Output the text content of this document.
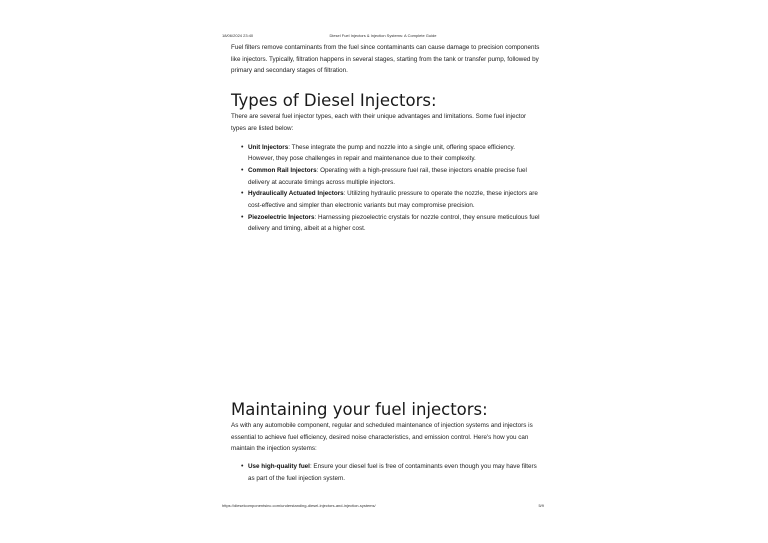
18/06/2024 23:40	Diesel Fuel Injectors & Injection Systems: A Complete Guide

Fuel filters remove contaminants from the fuel since contaminants can cause damage to precision components like injectors. Typically, filtration happens in several stages, starting from the tank or transfer pump, followed by primary and secondary stages of filtration.

Types of Diesel Injectors:

There are several fuel injector types, each with their unique advantages and limitations. Some fuel injector types are listed below:

• Unit Injectors: These integrate the pump and nozzle into a single unit, offering space efficiency. However, they pose challenges in repair and maintenance due to their complexity.
• Common Rail Injectors: Operating with a high-pressure fuel rail, these injectors enable precise fuel delivery at accurate timings across multiple injectors.
• Hydraulically Actuated Injectors: Utilizing hydraulic pressure to operate the nozzle, these injectors are cost-effective and simpler than electronic variants but may compromise precision.
• Piezoelectric Injectors: Harnessing piezoelectric crystals for nozzle control, they ensure meticulous fuel delivery and timing, albeit at a higher cost.
Maintaining your fuel injectors:

As with any automobile component, regular and scheduled maintenance of injection systems and injectors is essential to achieve fuel efficiency, desired noise characteristics, and emission control. Here's how you can maintain the injection systems:

• Use high-quality fuel: Ensure your diesel fuel is free of contaminants even though you may have filters as part of the fuel injection system.
https://dieselcomponentsinc.com/understanding-diesel-injectors-and-injection-systems/	5/9
